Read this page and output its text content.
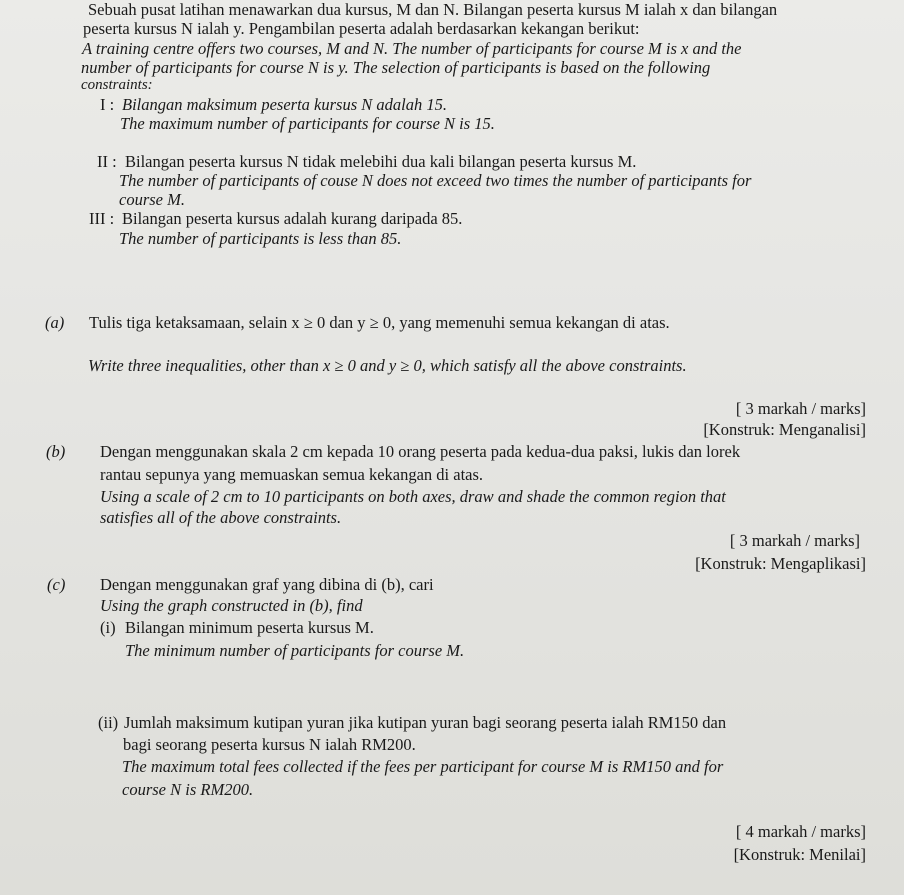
Sebuah pusat latihan menawarkan dua kursus, M dan N. Bilangan peserta kursus M ialah x dan bilangan
peserta kursus N ialah y. Pengambilan peserta adalah berdasarkan kekangan berikut:
A training centre offers two courses, M and N. The number of participants for course M is x and the
number of participants for course N is y. The selection of participants is based on the following
constraints:
I : Bilangan maksimum peserta kursus N adalah 15.
The maximum number of participants for course N is 15.
II : Bilangan peserta kursus N tidak melebihi dua kali bilangan peserta kursus M.
The number of participants of couse N does not exceed two times the number of participants for
course M.
III : Bilangan peserta kursus adalah kurang daripada 85.
The number of participants is less than 85.
(a) Tulis tiga ketaksamaan, selain x ≥ 0 dan y ≥ 0, yang memenuhi semua kekangan di atas.
Write three inequalities, other than x ≥ 0 and y ≥ 0, which satisfy all the above constraints.
[ 3 markah / marks]
[Konstruk: Menganalisi]
(b) Dengan menggunakan skala 2 cm kepada 10 orang peserta pada kedua-dua paksi, lukis dan lorek
rantau sepunya yang memuaskan semua kekangan di atas.
Using a scale of 2 cm to 10 participants on both axes, draw and shade the common region that
satisfies all of the above constraints.
[ 3 markah / marks]
[Konstruk: Mengaplikasi]
(c) Dengan menggunakan graf yang dibina di (b), cari
Using the graph constructed in (b), find
(i) Bilangan minimum peserta kursus M.
The minimum number of participants for course M.
(ii) Jumlah maksimum kutipan yuran jika kutipan yuran bagi seorang peserta ialah RM150 dan
bagi seorang peserta kursus N ialah RM200.
The maximum total fees collected if the fees per participant for course M is RM150 and for
course N is RM200.
[ 4 markah / marks]
[Konstruk: Menilai]
